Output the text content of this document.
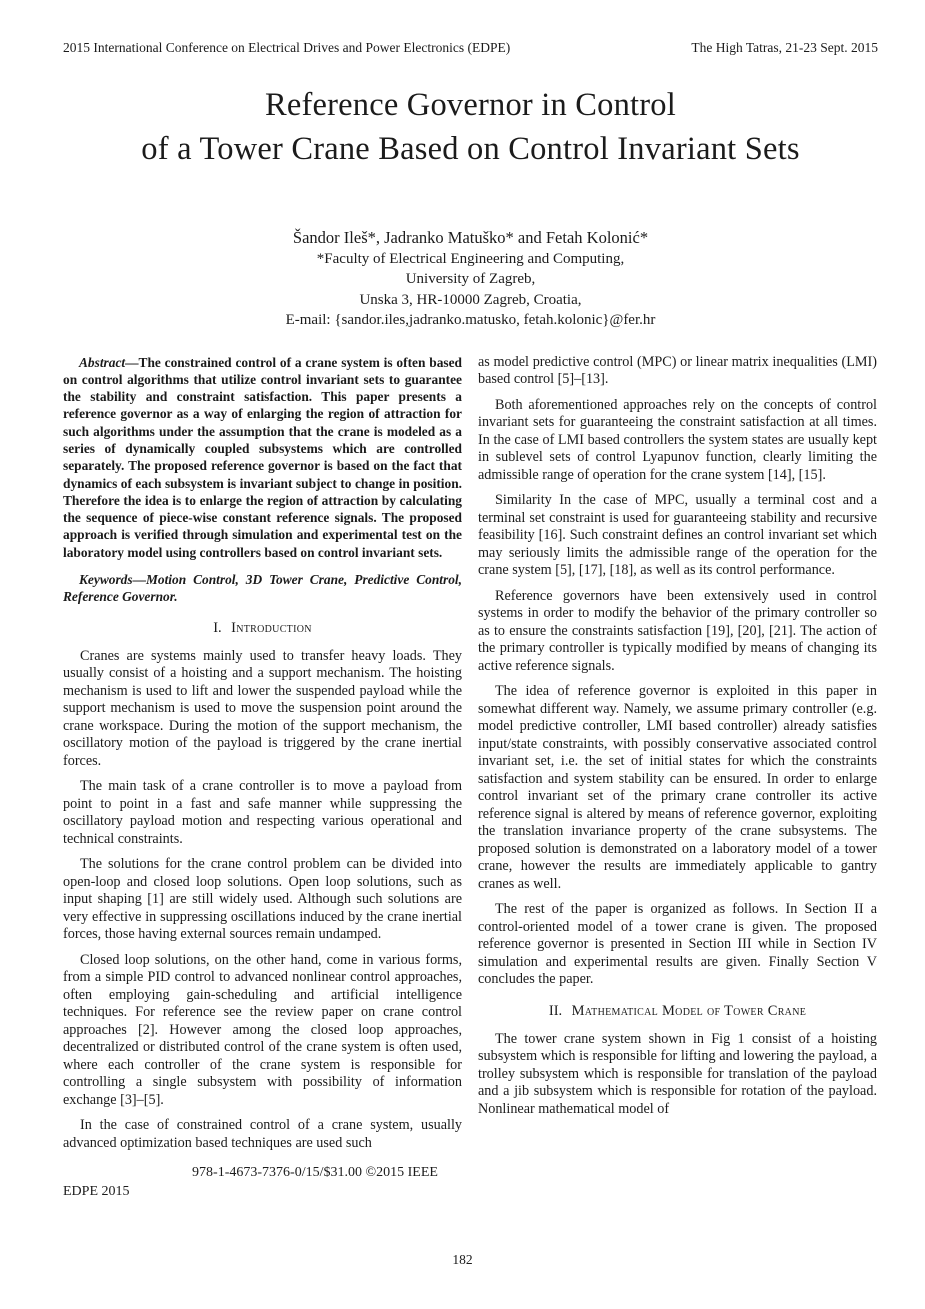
2015 International Conference on Electrical Drives and Power Electronics (EDPE)	The High Tatras, 21-23 Sept. 2015
Reference Governor in Control
of a Tower Crane Based on Control Invariant Sets
Šandor Ileš*, Jadranko Matuško* and Fetah Kolonić*
*Faculty of Electrical Engineering and Computing,
University of Zagreb,
Unska 3, HR-10000 Zagreb, Croatia,
E-mail: {sandor.iles,jadranko.matusko, fetah.kolonic}@fer.hr

Abstract—The constrained control of a crane system is often based on control algorithms that utilize control invariant sets to guarantee the stability and constraint satisfaction. This paper presents a reference governor as a way of enlarging the region of attraction for such algorithms under the assumption that the crane is modeled as a series of dynamically coupled subsystems which are controlled separately. The proposed reference governor is based on the fact that dynamics of each subsystem is invariant subject to change in position. Therefore the idea is to enlarge the region of attraction by calculating the sequence of piece-wise constant reference signals. The proposed approach is verified through simulation and experimental test on the laboratory model using controllers based on control invariant sets.

Keywords—Motion Control, 3D Tower Crane, Predictive Control, Reference Governor.

I. Introduction

Cranes are systems mainly used to transfer heavy loads. They usually consist of a hoisting and a support mechanism. The hoisting mechanism is used to lift and lower the suspended payload while the support mechanism is used to move the suspension point around the crane workspace. During the motion of the support mechanism, the oscillatory motion of the payload is triggered by the crane inertial forces.

The main task of a crane controller is to move a payload from point to point in a fast and safe manner while suppressing the oscillatory payload motion and respecting various operational and technical constraints.

The solutions for the crane control problem can be divided into open-loop and closed loop solutions. Open loop solutions, such as input shaping [1] are still widely used. Although such solutions are very effective in suppressing oscillations induced by the crane inertial forces, those having external sources remain undamped.

Closed loop solutions, on the other hand, come in various forms, from a simple PID control to advanced nonlinear control approaches, often employing gain-scheduling and artificial intelligence techniques. For reference see the review paper on crane control approaches [2]. However among the closed loop approaches, decentralized or distributed control of the crane system is often used, where each controller of the crane system is responsible for controlling a single subsystem with possibility of information exchange [3]–[5].

In the case of constrained control of a crane system, usually advanced optimization based techniques are used such

as model predictive control (MPC) or linear matrix inequalities (LMI) based control [5]–[13].

Both aforementioned approaches rely on the concepts of control invariant sets for guaranteeing the constraint satisfaction at all times. In the case of LMI based controllers the system states are usually kept in sublevel sets of control Lyapunov function, clearly limiting the admissible range of operation for the crane system [14], [15].

Similarity In the case of MPC, usually a terminal cost and a terminal set constraint is used for guaranteeing stability and recursive feasibility [16]. Such constraint defines an control invariant set which may seriously limits the admissible range of the operation for the crane system [5], [17], [18], as well as its control performance.

Reference governors have been extensively used in control systems in order to modify the behavior of the primary controller so as to ensure the constraints satisfaction [19], [20], [21]. The action of the primary controller is typically modified by means of changing its active reference signals.

The idea of reference governor is exploited in this paper in somewhat different way. Namely, we assume primary controller (e.g. model predictive controller, LMI based controller) already satisfies input/state constraints, with possibly conservative associated control invariant set, i.e. the set of initial states for which the constraints satisfaction and system stability can be ensured. In order to enlarge control invariant set of the primary crane controller its active reference signal is altered by means of reference governor, exploiting the translation invariance property of the crane subsystems. The proposed solution is demonstrated on a laboratory model of a tower crane, however the results are immediately applicable to gantry cranes as well.

The rest of the paper is organized as follows. In Section II a control-oriented model of a tower crane is given. The proposed reference governor is presented in Section III while in Section IV simulation and experimental results are given. Finally Section V concludes the paper.

II. Mathematical Model of Tower Crane

The tower crane system shown in Fig 1 consist of a hoisting subsystem which is responsible for lifting and lowering the payload, a trolley subsystem which is responsible for translation of the payload and a jib subsystem which is responsible for rotation of the payload. Nonlinear mathematical model of

978-1-4673-7376-0/15/$31.00 ©2015 IEEE
EDPE 2015
182
